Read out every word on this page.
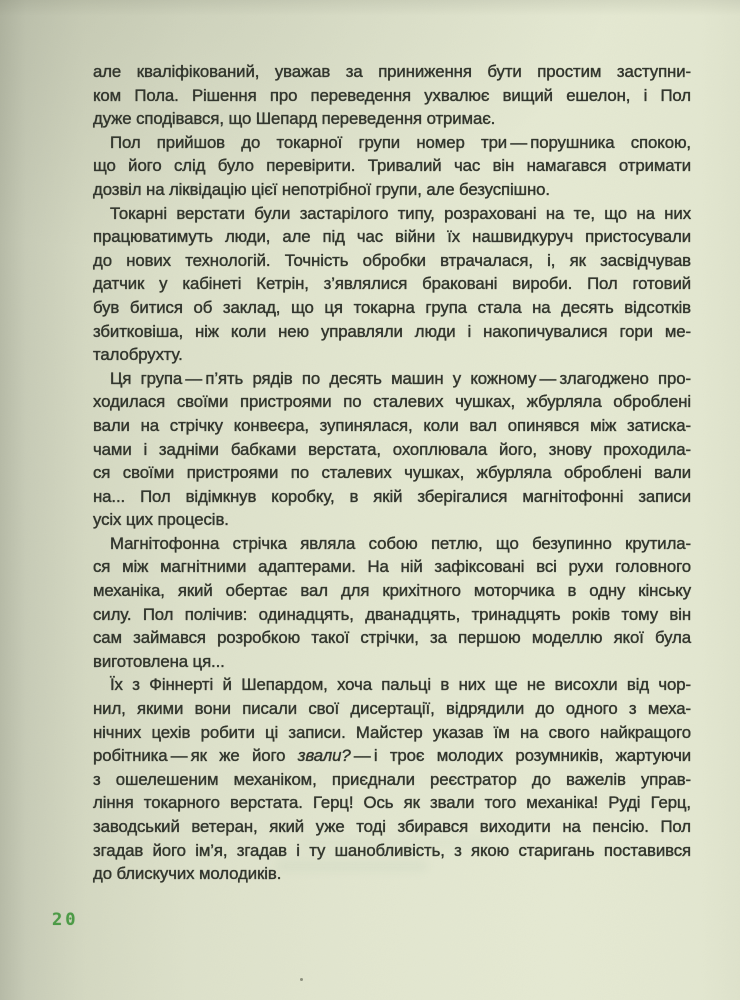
але кваліфікований, уважав за приниження бути простим заступни-
ком Пола. Рішення про переведення ухвалює вищий ешелон, і Пол
дуже сподівався, що Шепард переведення отримає.
Пол прийшов до токарної групи номер три — порушника спокою,
що його слід було перевірити. Тривалий час він намагався отримати
дозвіл на ліквідацію цієї непотрібної групи, але безуспішно.
Токарні верстати були застарілого типу, розраховані на те, що на них
працюватимуть люди, але під час війни їх нашвидкуруч пристосували
до нових технологій. Точність обробки втрачалася, і, як засвідчував
датчик у кабінеті Кетрін, з’являлися браковані вироби. Пол готовий
був битися об заклад, що ця токарна група стала на десять відсотків
збитковіша, ніж коли нею управляли люди і накопичувалися гори ме-
талобрухту.
Ця група — п’ять рядів по десять машин у кожному — злагоджено про-
ходилася своїми пристроями по сталевих чушках, жбурляла оброблені
вали на стрічку конвеєра, зупинялася, коли вал опинявся між затиска-
чами і задніми бабками верстата, охоплювала його, знову проходила-
ся своїми пристроями по сталевих чушках, жбурляла оброблені вали
на... Пол відімкнув коробку, в якій зберігалися магнітофонні записи
усіх цих процесів.
Магнітофонна стрічка являла собою петлю, що безупинно крутила-
ся між магнітними адаптерами. На ній зафіксовані всі рухи головного
механіка, який обертає вал для крихітного моторчика в одну кінську
силу. Пол полічив: одинадцять, дванадцять, тринадцять років тому він
сам займався розробкою такої стрічки, за першою моделлю якої була
виготовлена ця...
Їх з Фіннерті й Шепардом, хоча пальці в них ще не висохли від чор-
нил, якими вони писали свої дисертації, відрядили до одного з меха-
нічних цехів робити ці записи. Майстер указав їм на свого найкращого
робітника — як же його звали? — і троє молодих розумників, жартуючи
з ошелешеним механіком, приєднали реєстратор до важелів управ-
ління токарного верстата. Герц! Ось як звали того механіка! Руді Герц,
заводський ветеран, який уже тоді збирався виходити на пенсію. Пол
згадав його ім’я, згадав і ту шанобливість, з якою старигань поставився
до блискучих молодиків.
20
